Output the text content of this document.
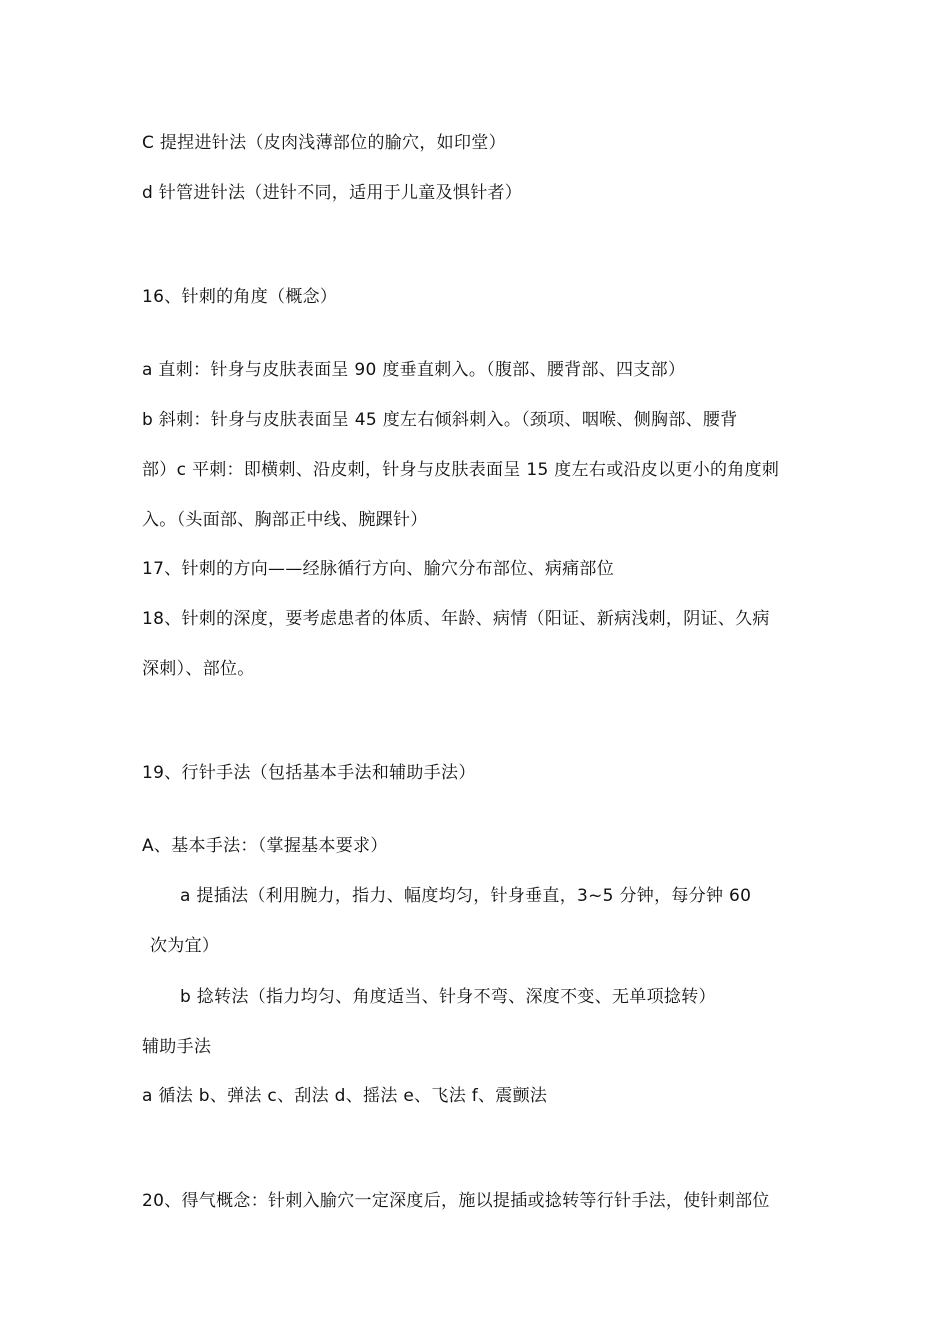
C 提捏进针法（皮肉浅薄部位的腧穴，如印堂）
d 针管进针法（进针不同，适用于儿童及惧针者）
16、针刺的角度（概念）
a 直刺：针身与皮肤表面呈 90 度垂直刺入。（腹部、腰背部、四支部）
b 斜刺：针身与皮肤表面呈 45 度左右倾斜刺入。（颈项、咽喉、侧胸部、腰背
部）c 平刺：即横刺、沿皮刺，针身与皮肤表面呈 15 度左右或沿皮以更小的角度刺
入。（头面部、胸部正中线、腕踝针）
17、针刺的方向——经脉循行方向、腧穴分布部位、病痛部位
18、针刺的深度，要考虑患者的体质、年龄、病情（阳证、新病浅刺，阴证、久病
深刺）、部位。
19、行针手法（包括基本手法和辅助手法）
A、基本手法：（掌握基本要求）
a 提插法（利用腕力，指力、幅度均匀，针身垂直，3~5 分钟，每分钟 60
次为宜）
b 捻转法（指力均匀、角度适当、针身不弯、深度不变、无单项捻转）
辅助手法
a 循法 b、弹法 c、刮法 d、摇法 e、飞法 f、震颤法
20、得气概念：针刺入腧穴一定深度后，施以提插或捻转等行针手法，使针刺部位
